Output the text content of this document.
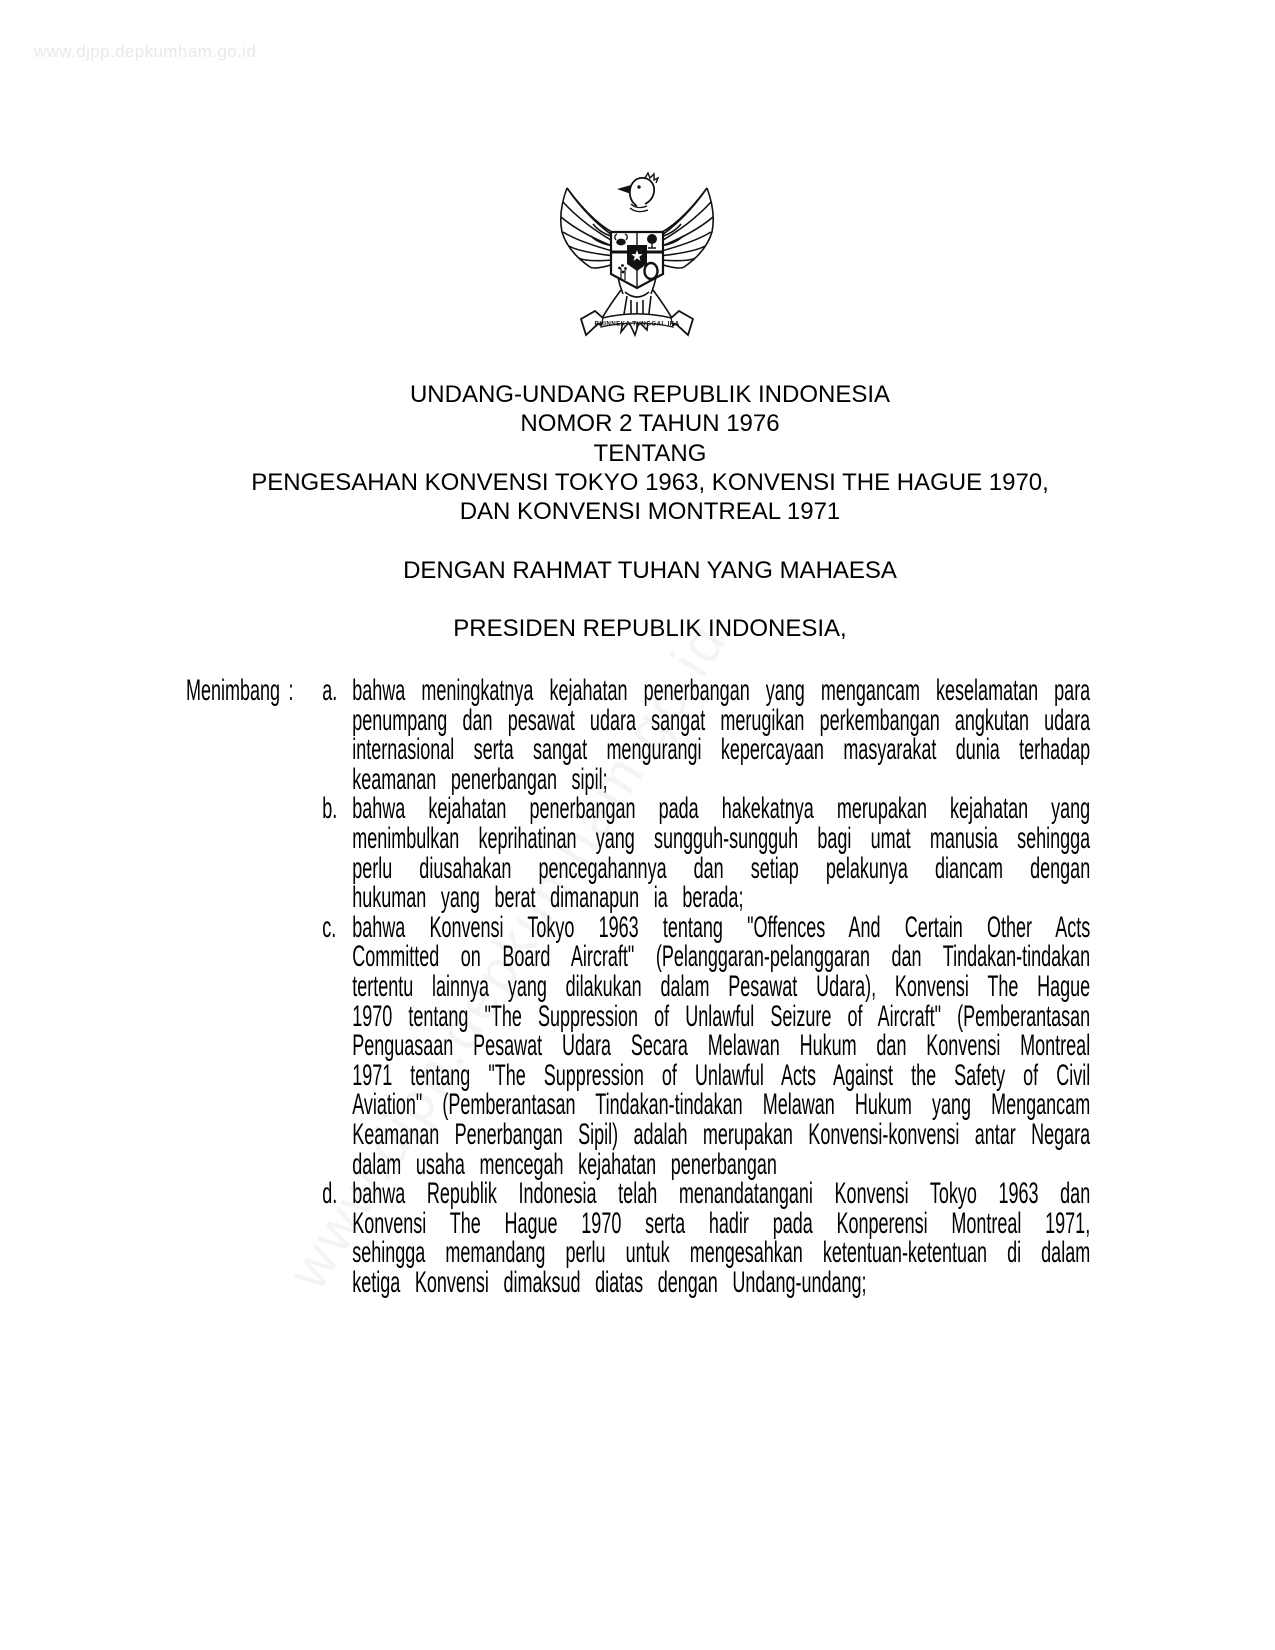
www.djpp.depkumham.go.id
BHINNEKA TUNGGAL IKA
UNDANG-UNDANG REPUBLIK INDONESIA
NOMOR 2 TAHUN 1976
TENTANG
PENGESAHAN KONVENSI TOKYO 1963, KONVENSI THE HAGUE 1970,
DAN KONVENSI MONTREAL 1971
DENGAN RAHMAT TUHAN YANG MAHAESA
PRESIDEN REPUBLIK INDONESIA,
Menimbang : a. bahwa meningkatnya kejahatan penerbangan yang mengancam keselamatan para penumpang dan pesawat udara sangat merugikan perkembangan angkutan udara internasional serta sangat mengurangi kepercayaan masyarakat dunia terhadap keamanan penerbangan sipil;
b. bahwa kejahatan penerbangan pada hakekatnya merupakan kejahatan yang menimbulkan keprihatinan yang sungguh-sungguh bagi umat manusia sehingga perlu diusahakan pencegahannya dan setiap pelakunya diancam dengan hukuman yang berat dimanapun ia berada;
c. bahwa Konvensi Tokyo 1963 tentang "Offences And Certain Other Acts Committed on Board Aircraft" (Pelanggaran-pelanggaran dan Tindakan-tindakan tertentu lainnya yang dilakukan dalam Pesawat Udara), Konvensi The Hague 1970 tentang "The Suppression of Unlawful Seizure of Aircraft" (Pemberantasan Penguasaan Pesawat Udara Secara Melawan Hukum dan Konvensi Montreal 1971 tentang "The Suppression of Unlawful Acts Against the Safety of Civil Aviation" (Pemberantasan Tindakan-tindakan Melawan Hukum yang Mengancam Keamanan Penerbangan Sipil) adalah merupakan Konvensi-konvensi antar Negara dalam usaha mencegah kejahatan penerbangan
d. bahwa Republik Indonesia telah menandatangani Konvensi Tokyo 1963 dan Konvensi The Hague 1970 serta hadir pada Konperensi Montreal 1971, sehingga memandang perlu untuk mengesahkan ketentuan-ketentuan di dalam ketiga Konvensi dimaksud diatas dengan Undang-undang;
